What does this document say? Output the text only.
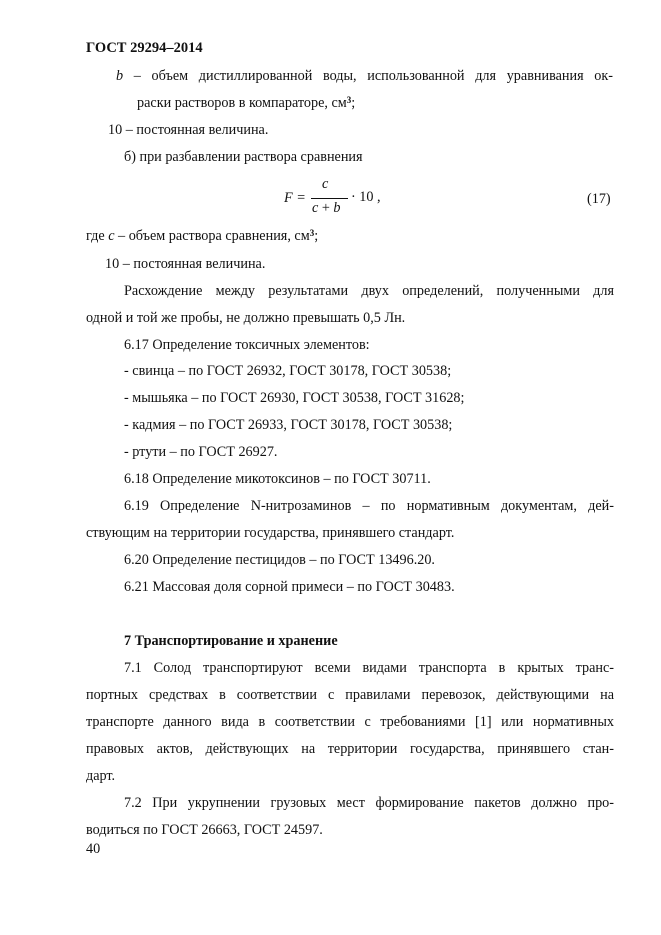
ГОСТ 29294–2014
b – объем дистиллированной воды, использованной для уравнивания ок-
раски растворов в компараторе, $см^3$;
10 – постоянная величина.
б) при разбавлении раствора сравнения
F =
c
c + b
· 10 ,	(17)
где c – объем раствора сравнения, $см^3$;
10 – постоянная величина.
Расхождение между результатами двух определений, полученными для
одной и той же пробы, не должно превышать 0,5 Лн.
6.17 Определение токсичных элементов:
- свинца – по ГОСТ 26932, ГОСТ 30178, ГОСТ 30538;
- мышьяка – по ГОСТ 26930, ГОСТ 30538, ГОСТ 31628;
- кадмия – по ГОСТ 26933, ГОСТ 30178, ГОСТ 30538;
- ртути – по ГОСТ 26927.
6.18 Определение микотоксинов – по ГОСТ 30711.
6.19 Определение N-нитрозаминов – по нормативным документам, дей-
ствующим на территории государства, принявшего стандарт.
6.20 Определение пестицидов – по ГОСТ 13496.20.
6.21 Массовая доля сорной примеси – по ГОСТ 30483.
7 Транспортирование и хранение
7.1 Солод транспортируют всеми видами транспорта в крытых транс-
портных средствах в соответствии с правилами перевозок, действующими на
транспорте данного вида в соответствии с требованиями [1] или нормативных
правовых актов, действующих на территории государства, принявшего стан-
дарт.
7.2 При укрупнении грузовых мест формирование пакетов должно про-
водиться по ГОСТ 26663, ГОСТ 24597.
40
